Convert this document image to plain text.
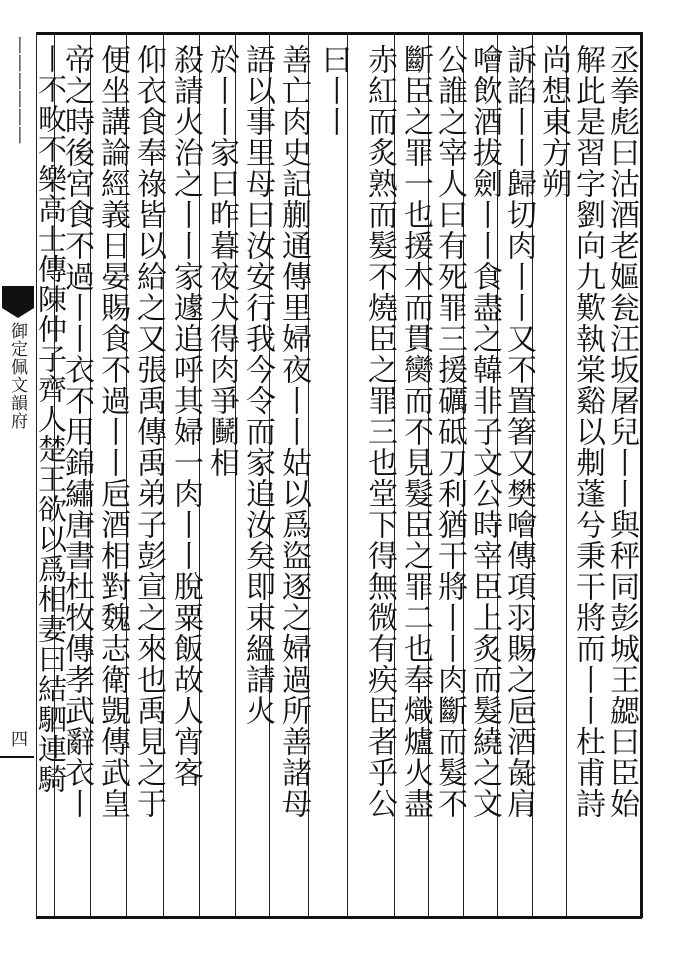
丞拳彪曰沽酒老嫗瓮汪坂屠兒丨丨與秤同彭城王勰曰臣始
解此是習字劉向九歎執棠谿以刜蓬兮秉干將而丨丨杜甫詩
尚想東方朔
訴諂丨丨歸切肉丨丨又不置箸又樊噲傳項羽賜之巵酒彘肩
噲飲酒拔劍丨丨食盡之韓非子文公時宰臣上炙而髮繞之文
公誰之宰人曰有死罪三援礪砥刀利猶干將丨丨肉斷而髮不
斷臣之罪一也援木而貫臠而不見髮臣之罪二也奉熾爐火盡
赤紅而炙熟而髮不燒臣之罪三也堂下得無微有疾臣者乎公
曰丨丨
善亡肉史記蒯通傳里婦夜丨丨姑以爲盜逐之婦過所善諸母
語以事里母曰汝安行我今令而家追汝矣即束縕請火
於丨丨家曰昨暮夜犬得肉爭鬭相
殺請火治之丨丨家遽追呼其婦一肉丨丨脫粟飯故人宵客
仰衣食奉祿皆以給之又張禹傳禹弟子彭宣之來也禹見之于
便坐講論經義日晏賜食不過丨丨巵酒相對魏志衛覬傳武皇
帝之時後宮食不過丨丨衣不用錦繡唐書杜牧傳孝武辭衣丨
丨丨丨丨丨丨
御定佩文韻府
四 丨不畋不樂高士傳陳仲子齊人楚王欲以爲相妻曰結駟連騎
